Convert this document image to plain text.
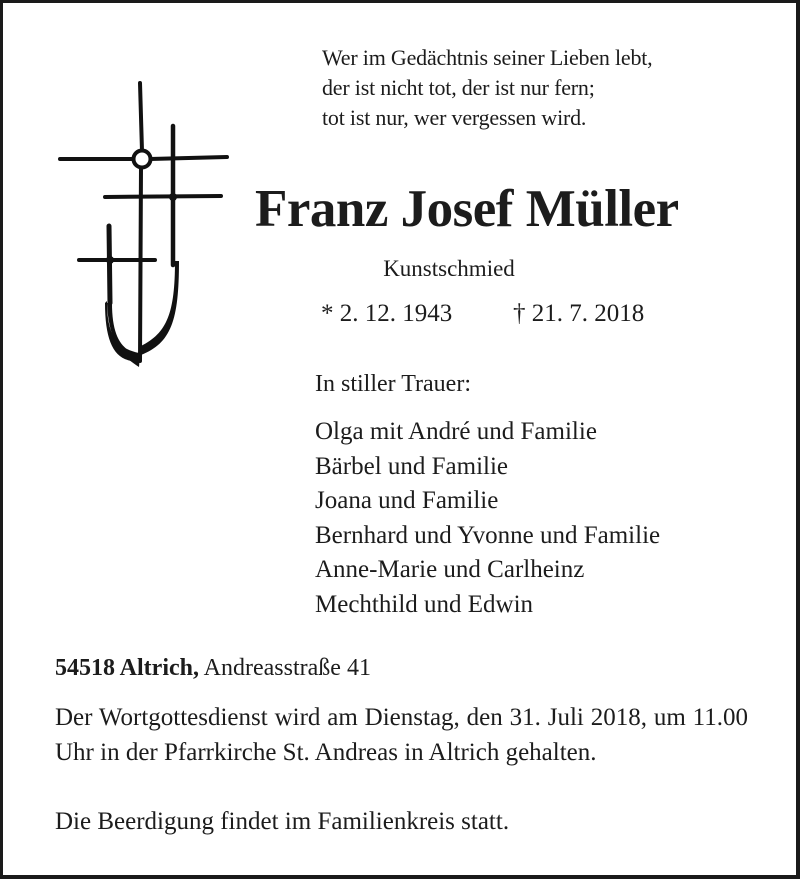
Wer im Gedächtnis seiner Lieben lebt,
der ist nicht tot, der ist nur fern;
tot ist nur, wer vergessen wird.
Franz Josef Müller
Kunstschmied
* 2. 12. 1943 † 21. 7. 2018
In stiller Trauer:
Olga mit André und Familie
Bärbel und Familie
Joana und Familie
Bernhard und Yvonne und Familie
Anne-Marie und Carlheinz
Mechthild und Edwin
54518 Altrich, Andreasstraße 41
Der Wortgottesdienst wird am Dienstag, den 31. Juli 2018, um 11.00 Uhr in der Pfarrkirche St. Andreas in Altrich gehalten.
Die Beerdigung findet im Familienkreis statt.
